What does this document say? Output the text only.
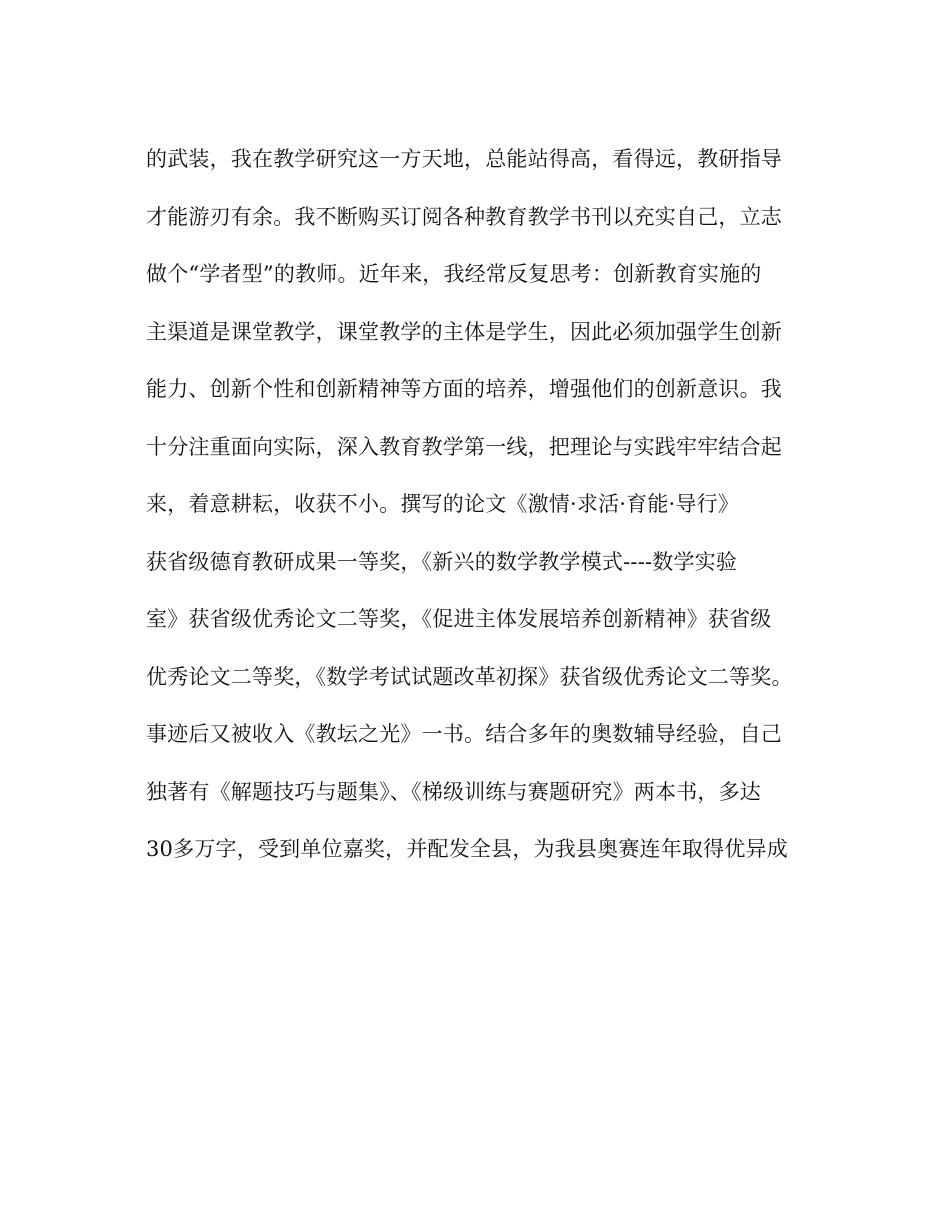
的武装，我在教学研究这一方天地，总能站得高，看得远，教研指导
才能游刃有余。我不断购买订阅各种教育教学书刊以充实自己，立志
做个“学者型”的教师。近年来，我经常反复思考：创新教育实施的
主渠道是课堂教学，课堂教学的主体是学生，因此必须加强学生创新
能力、创新个性和创新精神等方面的培养，增强他们的创新意识。我
十分注重面向实际，深入教育教学第一线，把理论与实践牢牢结合起
来，着意耕耘，收获不小。撰写的论文《激情·求活·育能·导行》
获省级德育教研成果一等奖，《新兴的数学教学模式----数学实验
室》获省级优秀论文二等奖，《促进主体发展培养创新精神》获省级
优秀论文二等奖，《数学考试试题改革初探》获省级优秀论文二等奖。
事迹后又被收入《教坛之光》一书。结合多年的奥数辅导经验，自己
独著有《解题技巧与题集》、《梯级训练与赛题研究》两本书，多达
30多万字，受到单位嘉奖，并配发全县，为我县奥赛连年取得优异成
